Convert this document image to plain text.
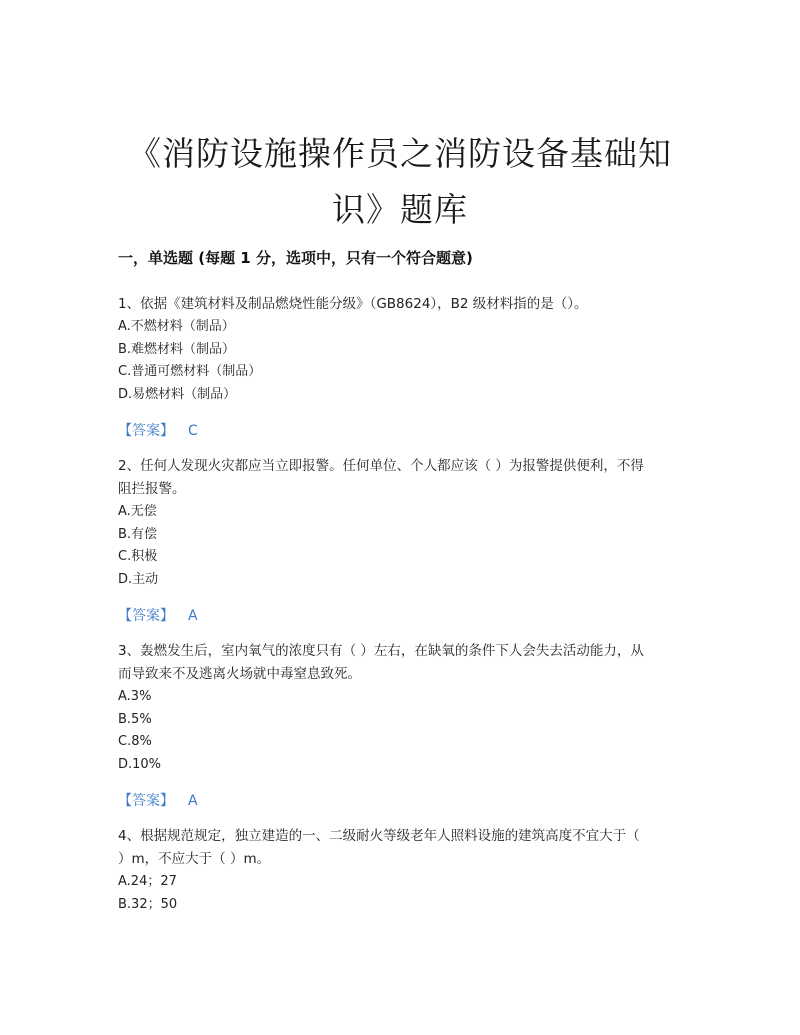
《消防设施操作员之消防设备基础知
识》题库
一，单选题 (每题 1 分，选项中，只有一个符合题意)

1、依据《建筑材料及制品燃烧性能分级》（GB8624），B2 级材料指的是（）。

A.不燃材料（制品）

B.难燃材料（制品）

C.普通可燃材料（制品）

D.易燃材料（制品）

【答案】 C

2、任何人发现火灾都应当立即报警。任何单位、个人都应该（ ）为报警提供便利，不得

阻拦报警。

A.无偿

B.有偿

C.积极

D.主动

【答案】 A

3、轰燃发生后，室内氧气的浓度只有（ ）左右，在缺氧的条件下人会失去活动能力，从

而导致来不及逃离火场就中毒窒息致死。

A.3%

B.5%

C.8%

D.10%

【答案】 A

4、根据规范规定，独立建造的一、二级耐火等级老年人照料设施的建筑高度不宜大于（

）m，不应大于（ ）m。

A.24；27

B.32；50
